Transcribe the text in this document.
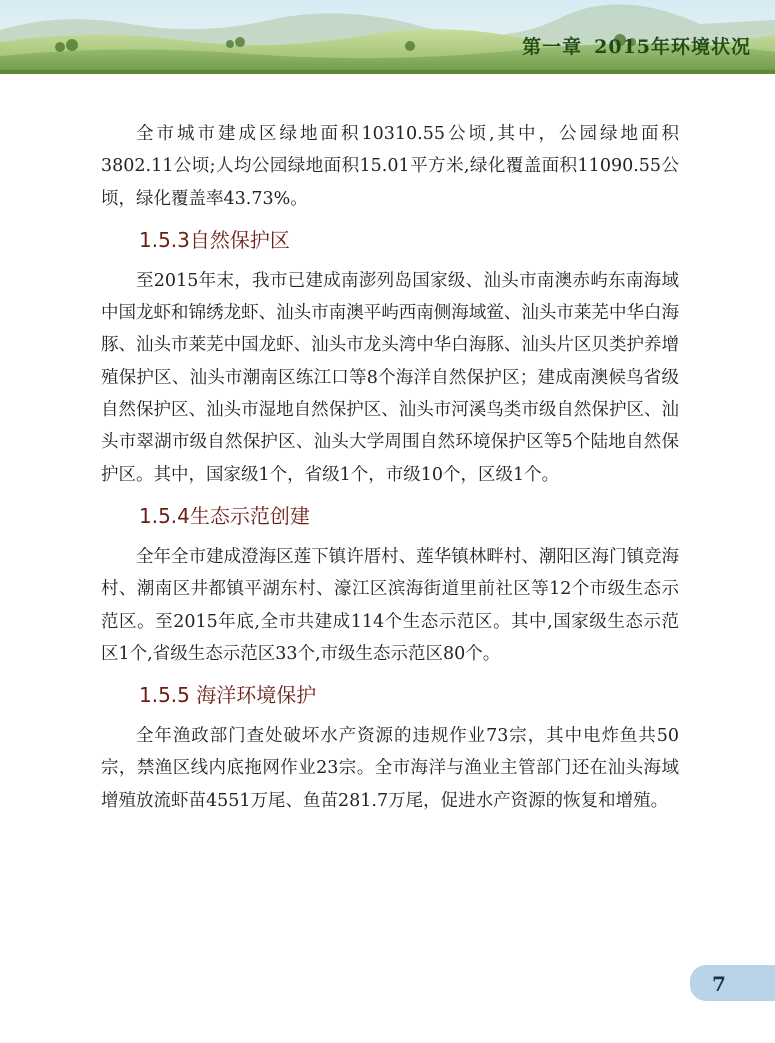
第一章 2015年环境状况

全市城市建成区绿地面积10310.55公顷,其中，公园绿地面积3802.11公顷;人均公园绿地面积15.01平方米,绿化覆盖面积11090.55公顷，绿化覆盖率43.73%。

1.5.3自然保护区

至2015年末，我市已建成南澎列岛国家级、汕头市南澳赤屿东南海域中国龙虾和锦绣龙虾、汕头市南澳平屿西南侧海域鲎、汕头市莱芜中华白海豚、汕头市莱芜中国龙虾、汕头市龙头湾中华白海豚、汕头片区贝类护养增殖保护区、汕头市潮南区练江口等8个海洋自然保护区；建成南澳候鸟省级自然保护区、汕头市湿地自然保护区、汕头市河溪鸟类市级自然保护区、汕头市翠湖市级自然保护区、汕头大学周围自然环境保护区等5个陆地自然保护区。其中，国家级1个，省级1个，市级10个，区级1个。

1.5.4生态示范创建

全年全市建成澄海区莲下镇许厝村、莲华镇林畔村、潮阳区海门镇竞海村、潮南区井都镇平湖东村、濠江区滨海街道里前社区等12个市级生态示范区。至2015年底,全市共建成114个生态示范区。其中,国家级生态示范区1个,省级生态示范区33个,市级生态示范区80个。

1.5.5 海洋环境保护

全年渔政部门查处破坏水产资源的违规作业73宗，其中电炸鱼共50宗，禁渔区线内底拖网作业23宗。全市海洋与渔业主管部门还在汕头海域增殖放流虾苗4551万尾、鱼苗281.7万尾，促进水产资源的恢复和增殖。

7
